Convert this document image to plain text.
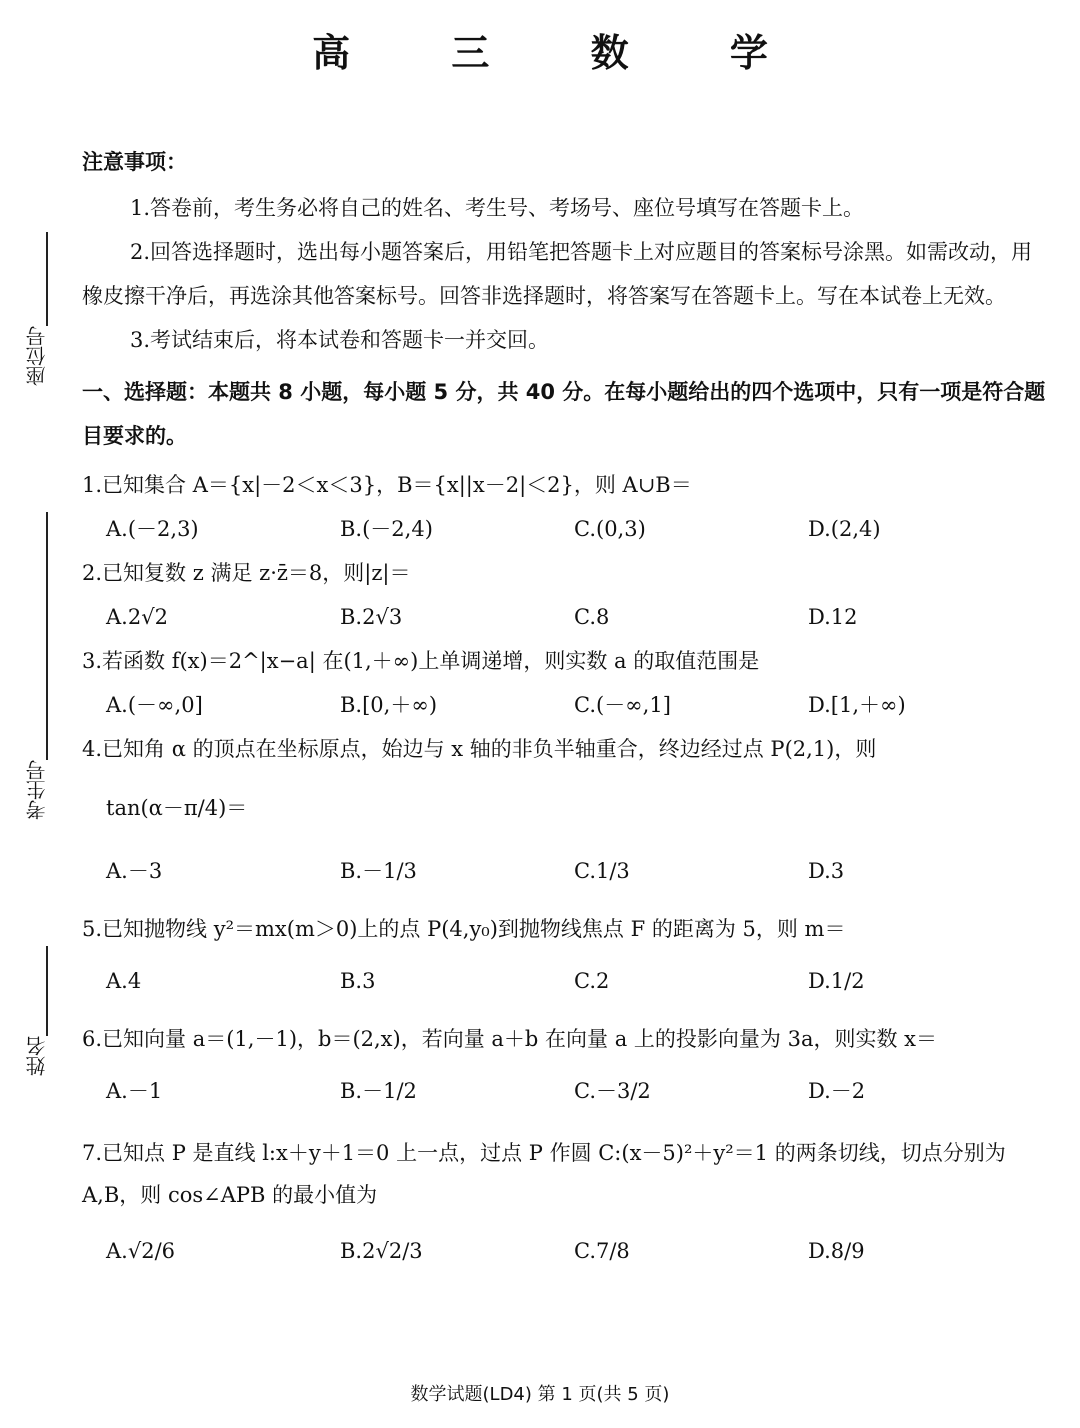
高 三 数 学
座位号
考生号
姓名
注意事项：

1.答卷前，考生务必将自己的姓名、考生号、考场号、座位号填写在答题卡上。

2.回答选择题时，选出每小题答案后，用铅笔把答题卡上对应题目的答案标号涂黑。如需改动，用橡皮擦干净后，再选涂其他答案标号。回答非选择题时，将答案写在答题卡上。写在本试卷上无效。

3.考试结束后，将本试卷和答题卡一并交回。

一、选择题：本题共 8 小题，每小题 5 分，共 40 分。在每小题给出的四个选项中，只有一项是符合题目要求的。
1.已知集合 A＝{x|－2＜x＜3}，B＝{x||x－2|＜2}，则 A∪B＝
A.(－2,3)	B.(－2,4)	C.(0,3)	D.(2,4)
2.已知复数 z 满足 z·z̄＝8，则|z|＝
A.2√2	B.2√3	C.8	D.12
3.若函数 f(x)＝2^|x−a| 在(1,＋∞)上单调递增，则实数 a 的取值范围是
A.(－∞,0]	B.[0,＋∞)	C.(－∞,1]	D.[1,＋∞)
4.已知角 α 的顶点在坐标原点，始边与 x 轴的非负半轴重合，终边经过点 P(2,1)，则
tan(α－π/4)＝
A.－3	B.－1/3	C.1/3	D.3
5.已知抛物线 y²＝mx(m＞0)上的点 P(4,y₀)到抛物线焦点 F 的距离为 5，则 m＝
A.4	B.3	C.2	D.1/2
6.已知向量 a＝(1,－1)，b＝(2,x)，若向量 a＋b 在向量 a 上的投影向量为 3a，则实数 x＝
A.－1	B.－1/2	C.－3/2	D.－2
7.已知点 P 是直线 l:x＋y＋1＝0 上一点，过点 P 作圆 C:(x－5)²＋y²＝1 的两条切线，切点分别为 A,B，则 cos∠APB 的最小值为
A.√2/6	B.2√2/3	C.7/8	D.8/9
数学试题(LD4) 第 1 页(共 5 页)
